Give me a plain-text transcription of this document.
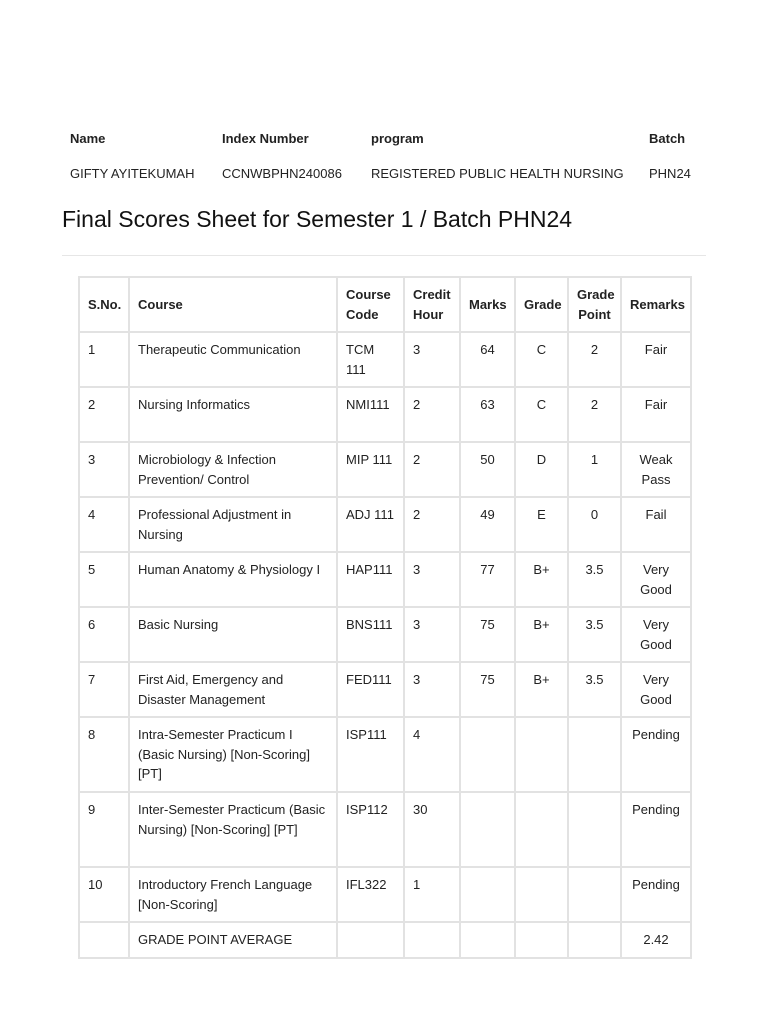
Name	Index Number	program	Batch
GIFTY AYITEKUMAH	CCNWBPHN240086	REGISTERED PUBLIC HEALTH NURSING	PHN24
Final Scores Sheet for Semester 1 / Batch PHN24
S.No.	Course	Course Code	Credit Hour	Marks	Grade	Grade Point	Remarks
1	Therapeutic Communication	TCM 111	3	64	C	2	Fair
2	Nursing Informatics	NMI111	2	63	C	2	Fair
3	Microbiology & Infection Prevention/ Control	MIP 111	2	50	D	1	Weak Pass
4	Professional Adjustment in Nursing	ADJ 111	2	49	E	0	Fail
5	Human Anatomy & Physiology I	HAP111	3	77	B+	3.5	Very Good
6	Basic Nursing	BNS111	3	75	B+	3.5	Very Good
7	First Aid, Emergency and Disaster Management	FED111	3	75	B+	3.5	Very Good
8	Intra-Semester Practicum I (Basic Nursing) [Non-Scoring] [PT]	ISP111	4				Pending
9	Inter-Semester Practicum (Basic Nursing) [Non-Scoring] [PT]	ISP112	30				Pending
10	Introductory French Language [Non-Scoring]	IFL322	1				Pending
	GRADE POINT AVERAGE						2.42
